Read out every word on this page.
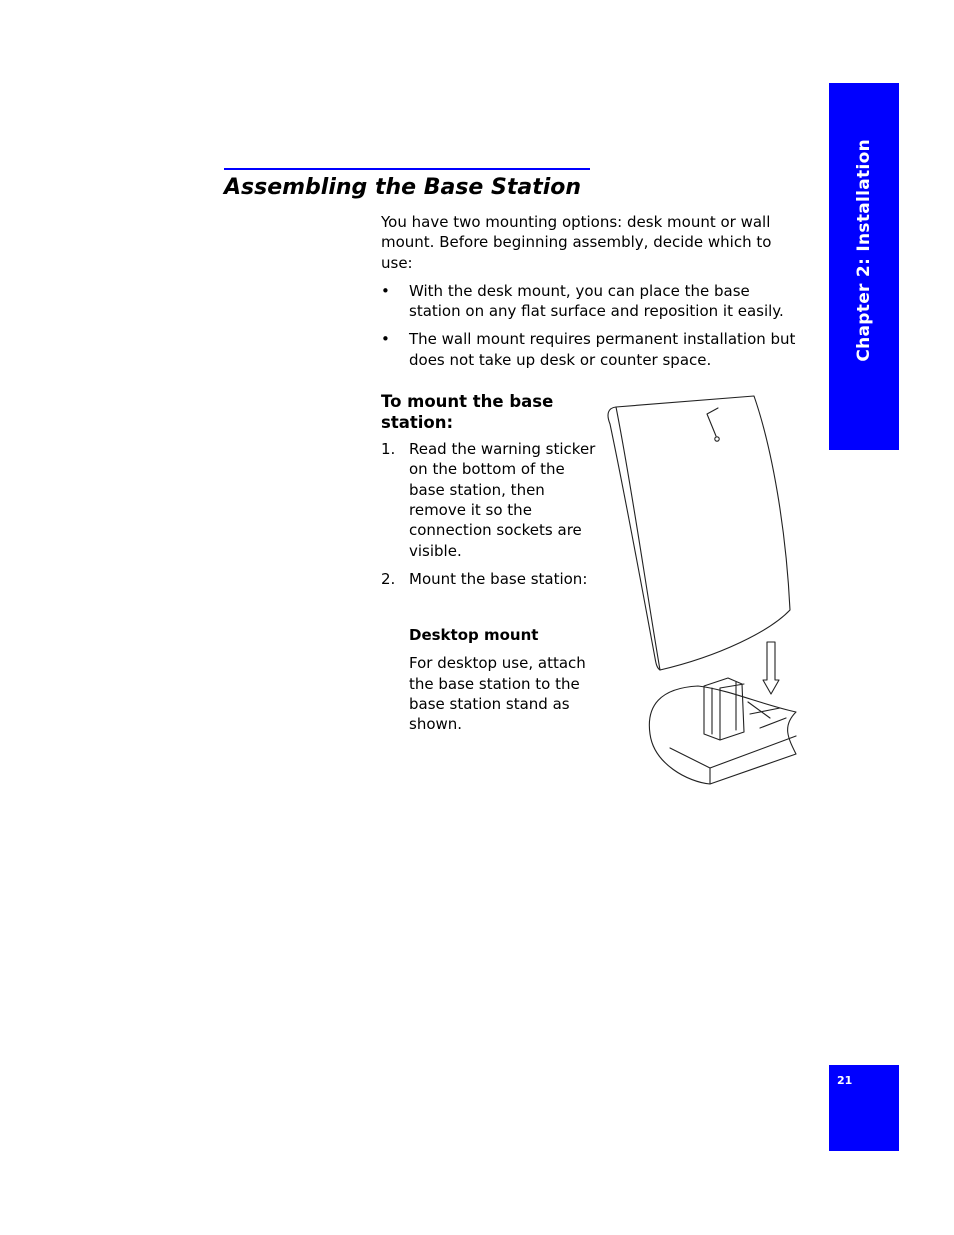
Chapter 2: Installation
Assembling the Base Station

You have two mounting options: desk mount or wall mount. Before beginning assembly, decide which to use:

• With the desk mount, you can place the base station on any flat surface and reposition it easily.
• The wall mount requires permanent installation but does not take up desk or counter space.

To mount the base station:

1. Read the warning sticker on the bottom of the base station, then remove it so the connection sockets are visible.
2. Mount the base station:

Desktop mount

For desktop use, attach the base station to the base station stand as shown.

21
